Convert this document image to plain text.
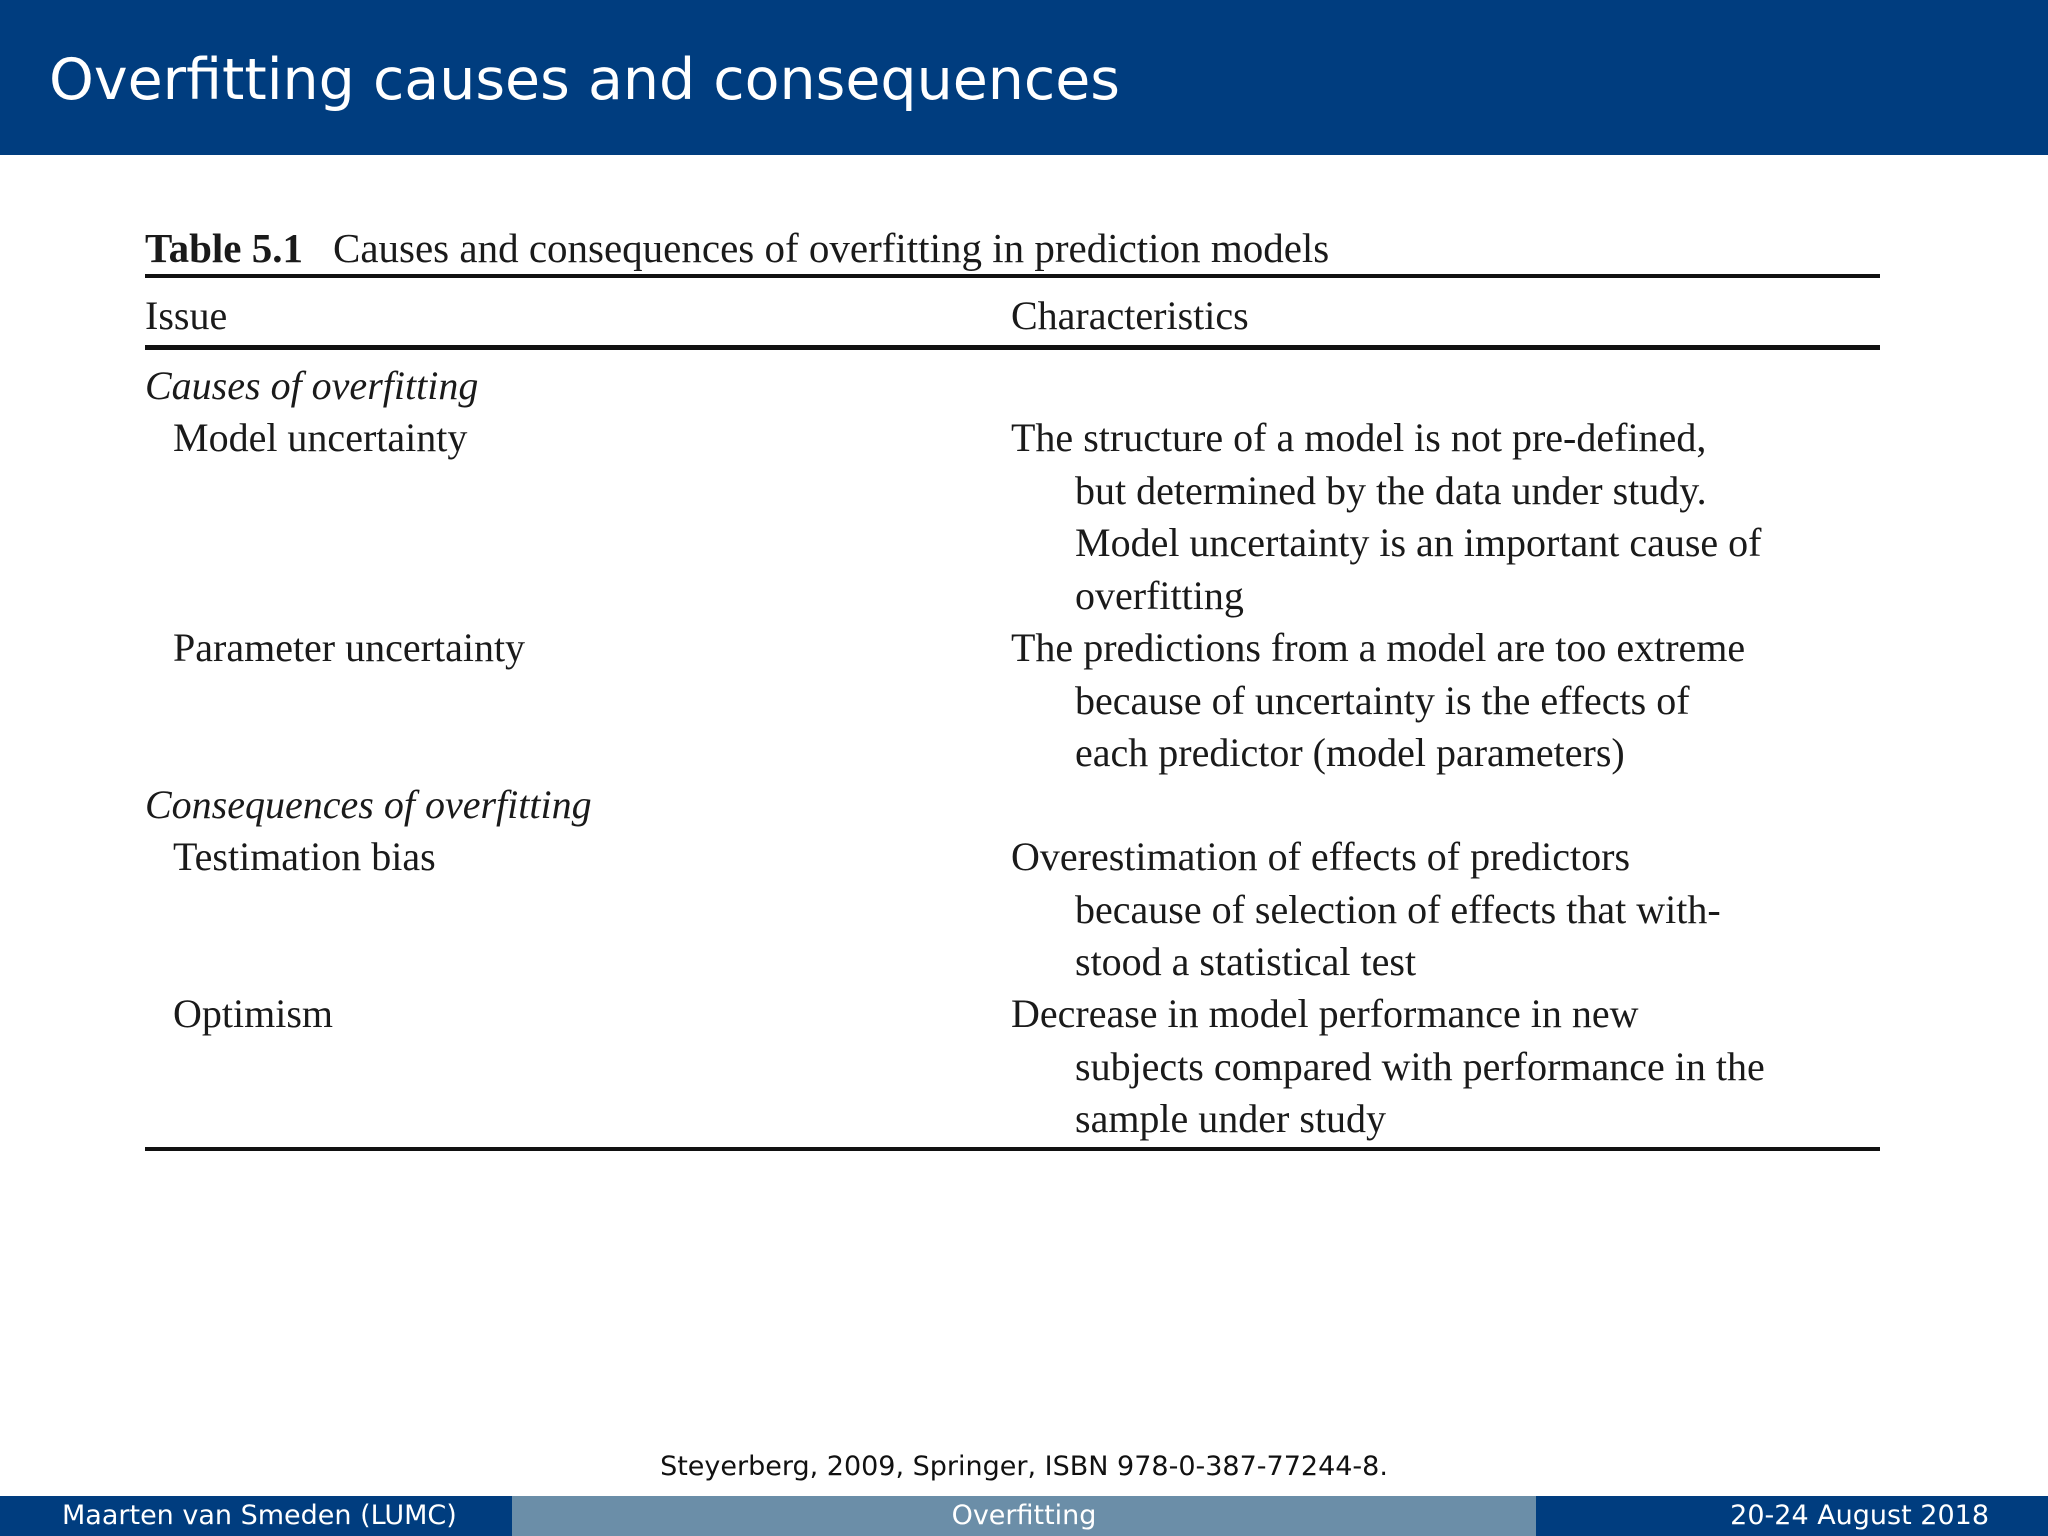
Overfitting causes and consequences
Table 5.1 Causes and consequences of overfitting in prediction models
Issue	Characteristics
Causes of overfitting
Model uncertainty	The structure of a model is not pre-defined,
but determined by the data under study.
Model uncertainty is an important cause of
overfitting
Parameter uncertainty	The predictions from a model are too extreme
because of uncertainty is the effects of
each predictor (model parameters)
Consequences of overfitting
Testimation bias	Overestimation of effects of predictors
because of selection of effects that with-
stood a statistical test
Optimism	Decrease in model performance in new
subjects compared with performance in the
sample under study
Steyerberg, 2009, Springer, ISBN 978-0-387-77244-8.
Maarten van Smeden (LUMC)	Overfitting	20-24 August 2018
